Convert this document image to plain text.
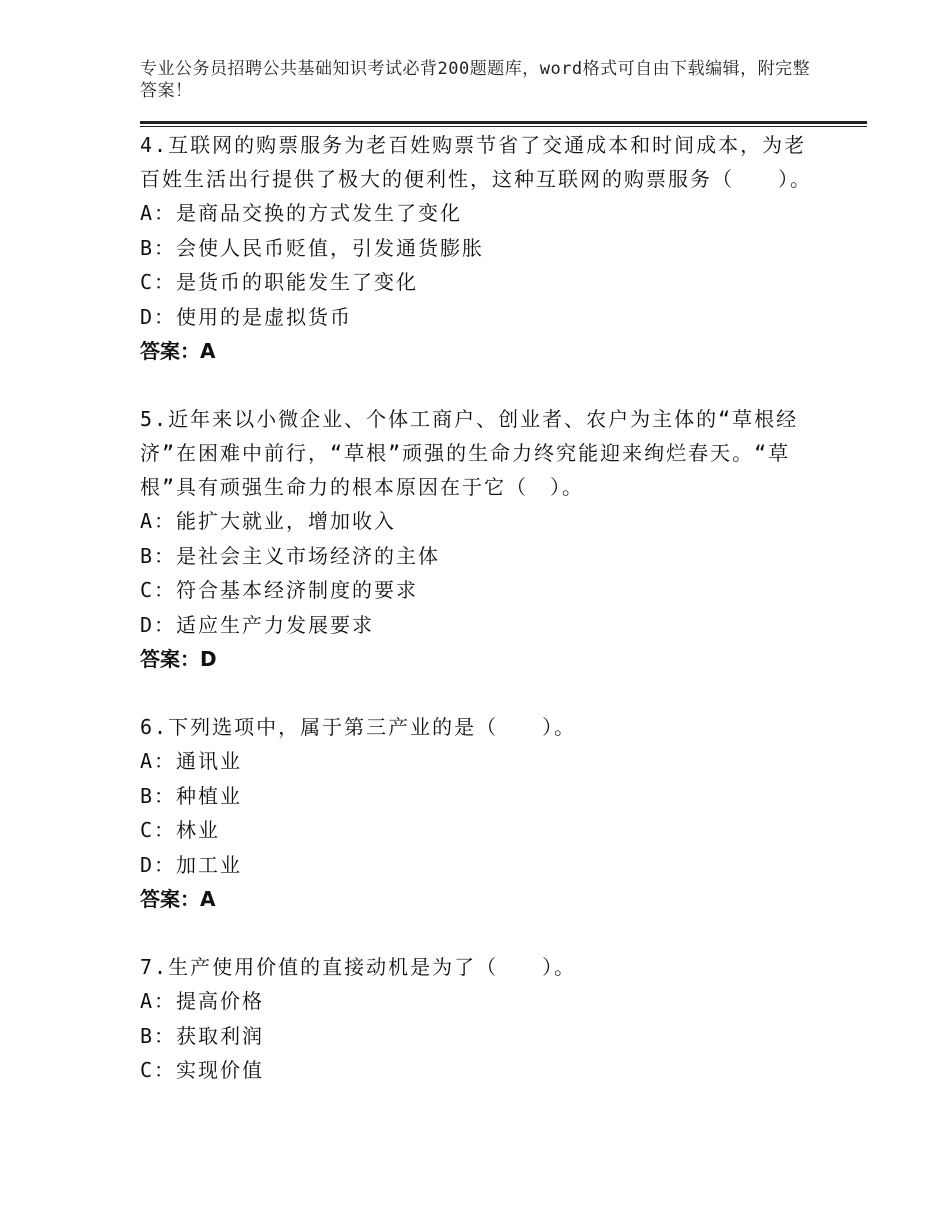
专业公务员招聘公共基础知识考试必背200题题库，word格式可自由下载编辑，附完整答案！

4.互联网的购票服务为老百姓购票节省了交通成本和时间成本，为老百姓生活出行提供了极大的便利性，这种互联网的购票服务（　　）。

A：是商品交换的方式发生了变化

B：会使人民币贬值，引发通货膨胀

C：是货币的职能发生了变化

D：使用的是虚拟货币

答案：A

5.近年来以小微企业、个体工商户、创业者、农户为主体的“草根经济”在困难中前行，“草根”顽强的生命力终究能迎来绚烂春天。“草根”具有顽强生命力的根本原因在于它（　）。

A：能扩大就业，增加收入

B：是社会主义市场经济的主体

C：符合基本经济制度的要求

D：适应生产力发展要求

答案：D

6.下列选项中，属于第三产业的是（　　）。

A：通讯业

B：种植业

C：林业

D：加工业

答案：A

7.生产使用价值的直接动机是为了（　　）。

A：提高价格

B：获取利润

C：实现价值
